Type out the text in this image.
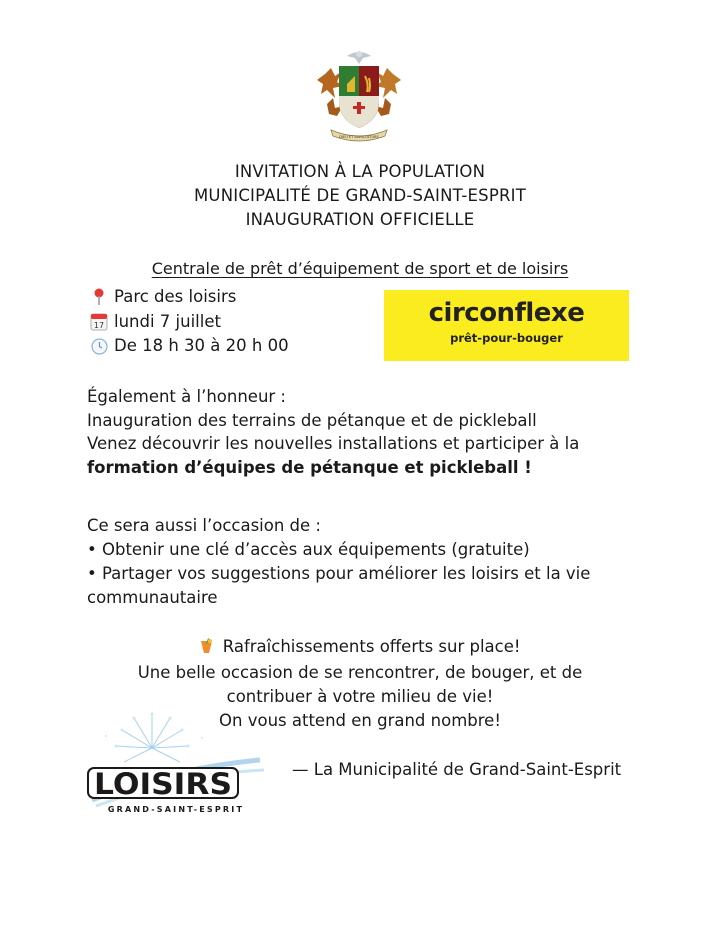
DIEU ET AGRICULTURE
INVITATION À LA POPULATION
MUNICIPALITÉ DE GRAND-SAINT-ESPRIT
INAUGURATION OFFICIELLE
Centrale de prêt d’équipement de sport et de loisirs
Parc des loisirs
17 lundi 7 juillet
De 18 h 30 à 20 h 00
circonflexe
prêt-pour-bouger
Également à l’honneur :
Inauguration des terrains de pétanque et de pickleball
Venez découvrir les nouvelles installations et participer à la
formation d’équipes de pétanque et pickleball !
Ce sera aussi l’occasion de :
• Obtenir une clé d’accès aux équipements (gratuite)
• Partager vos suggestions pour améliorer les loisirs et la vie
communautaire
Rafraîchissements offerts sur place!
Une belle occasion de se rencontrer, de bouger, et de
contribuer à votre milieu de vie!
On vous attend en grand nombre!
LOISIRS
GRAND-SAINT-ESPRIT
— La Municipalité de Grand-Saint-Esprit
